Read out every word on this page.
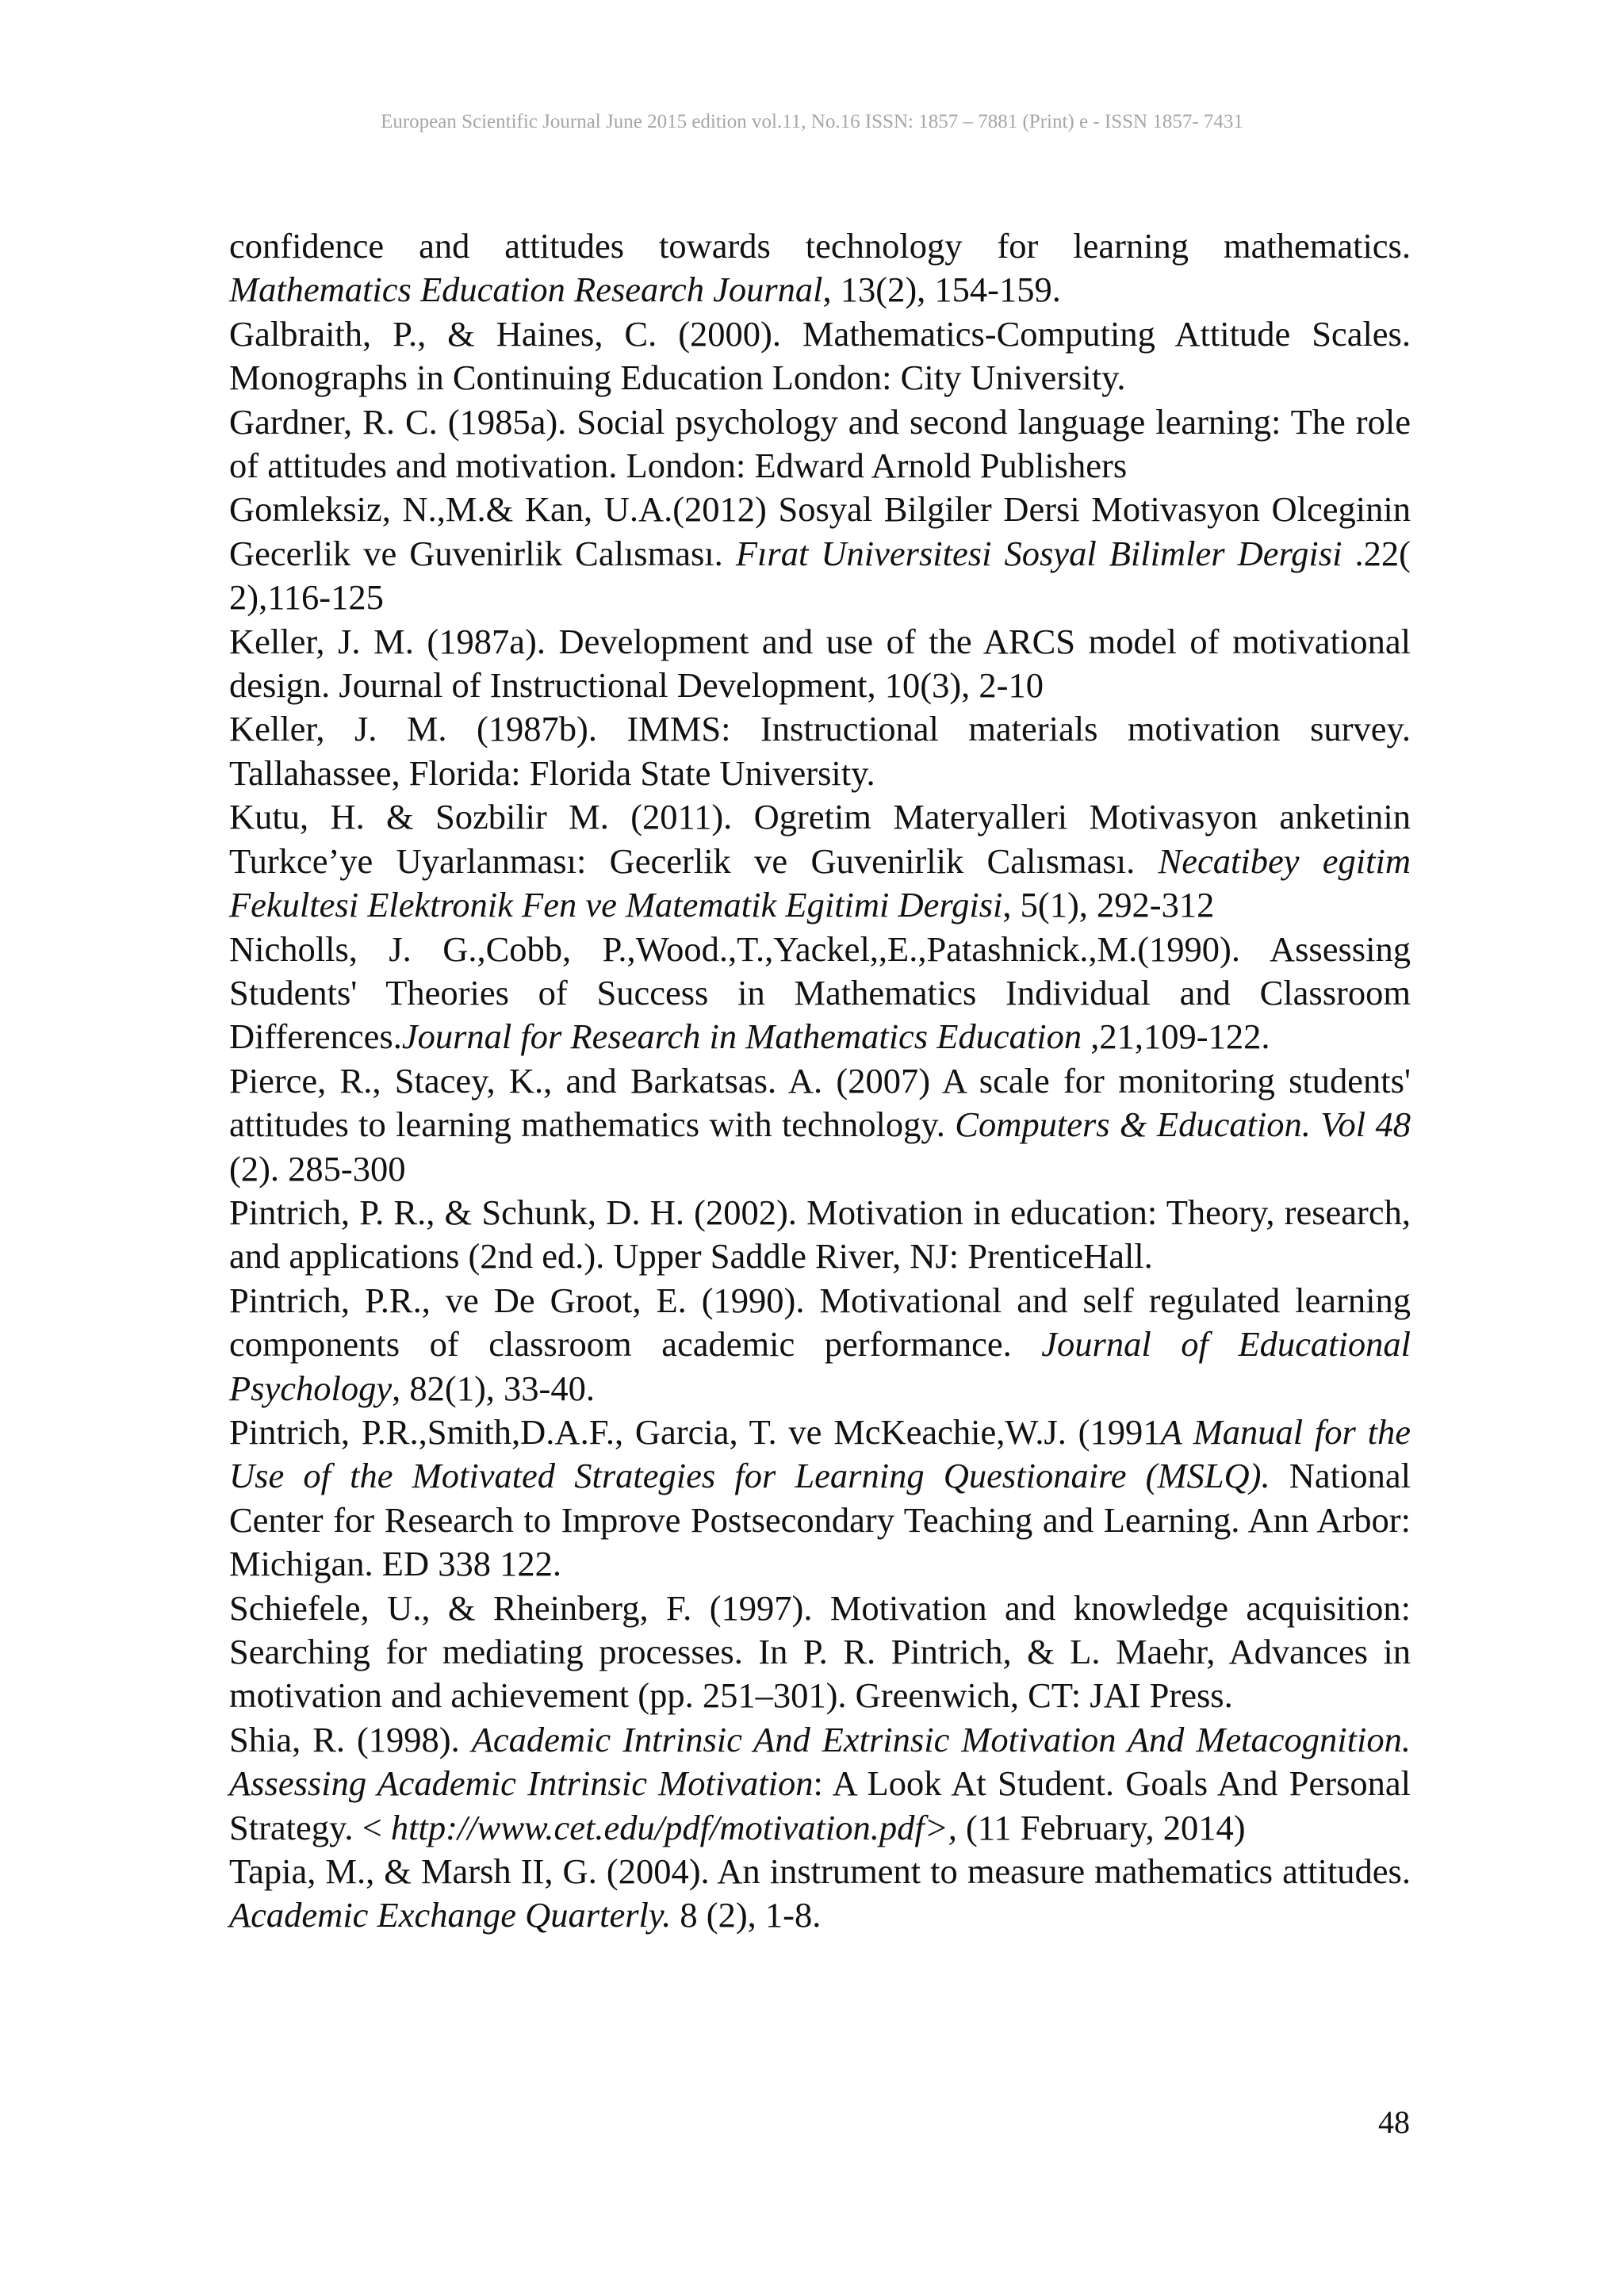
European Scientific Journal June 2015 edition vol.11, No.16 ISSN: 1857 – 7881 (Print) e - ISSN 1857- 7431

confidence and attitudes towards technology for learning mathematics. Mathematics Education Research Journal, 13(2), 154-159.

Galbraith, P., & Haines, C. (2000). Mathematics-Computing Attitude Scales. Monographs in Continuing Education London: City University.

Gardner, R. C. (1985a). Social psychology and second language learning: The role of attitudes and motivation. London: Edward Arnold Publishers

Gomleksiz, N.,M.& Kan, U.A.(2012) Sosyal Bilgiler Dersi Motivasyon Olceginin Gecerlik ve Guvenirlik Calısması. Fırat Universitesi Sosyal Bilimler Dergisi .22( 2),116-125

Keller, J. M. (1987a). Development and use of the ARCS model of motivational design. Journal of Instructional Development, 10(3), 2-10

Keller, J. M. (1987b). IMMS: Instructional materials motivation survey. Tallahassee, Florida: Florida State University.

Kutu, H. & Sozbilir M. (2011). Ogretim Materyalleri Motivasyon anketinin Turkce’ye Uyarlanması: Gecerlik ve Guvenirlik Calısması. Necatibey egitim Fekultesi Elektronik Fen ve Matematik Egitimi Dergisi, 5(1), 292-312

Nicholls, J. G.,Cobb, P.,Wood.,T.,Yackel,,E.,Patashnick.,M.(1990). Assessing Students' Theories of Success in Mathematics Individual and Classroom Differences.Journal for Research in Mathematics Education ,21,109-122.

Pierce, R., Stacey, K., and Barkatsas. A. (2007) A scale for monitoring students' attitudes to learning mathematics with technology. Computers & Education. Vol 48 (2). 285-300

Pintrich, P. R., & Schunk, D. H. (2002). Motivation in education: Theory, research, and applications (2nd ed.). Upper Saddle River, NJ: PrenticeHall.

Pintrich, P.R., ve De Groot, E. (1990). Motivational and self regulated learning components of classroom academic performance. Journal of Educational Psychology, 82(1), 33-40.

Pintrich, P.R.,Smith,D.A.F., Garcia, T. ve McKeachie,W.J. (1991A Manual for the Use of the Motivated Strategies for Learning Questionaire (MSLQ). National Center for Research to Improve Postsecondary Teaching and Learning. Ann Arbor: Michigan. ED 338 122.

Schiefele, U., & Rheinberg, F. (1997). Motivation and knowledge acquisition: Searching for mediating processes. In P. R. Pintrich, & L. Maehr, Advances in motivation and achievement (pp. 251–301). Greenwich, CT: JAI Press.

Shia, R. (1998). Academic Intrinsic And Extrinsic Motivation And Metacognition. Assessing Academic Intrinsic Motivation: A Look At Student. Goals And Personal Strategy. < http://www.cet.edu/pdf/motivation.pdf>, (11 February, 2014)

Tapia, M., & Marsh II, G. (2004). An instrument to measure mathematics attitudes. Academic Exchange Quarterly. 8 (2), 1-8.

48
